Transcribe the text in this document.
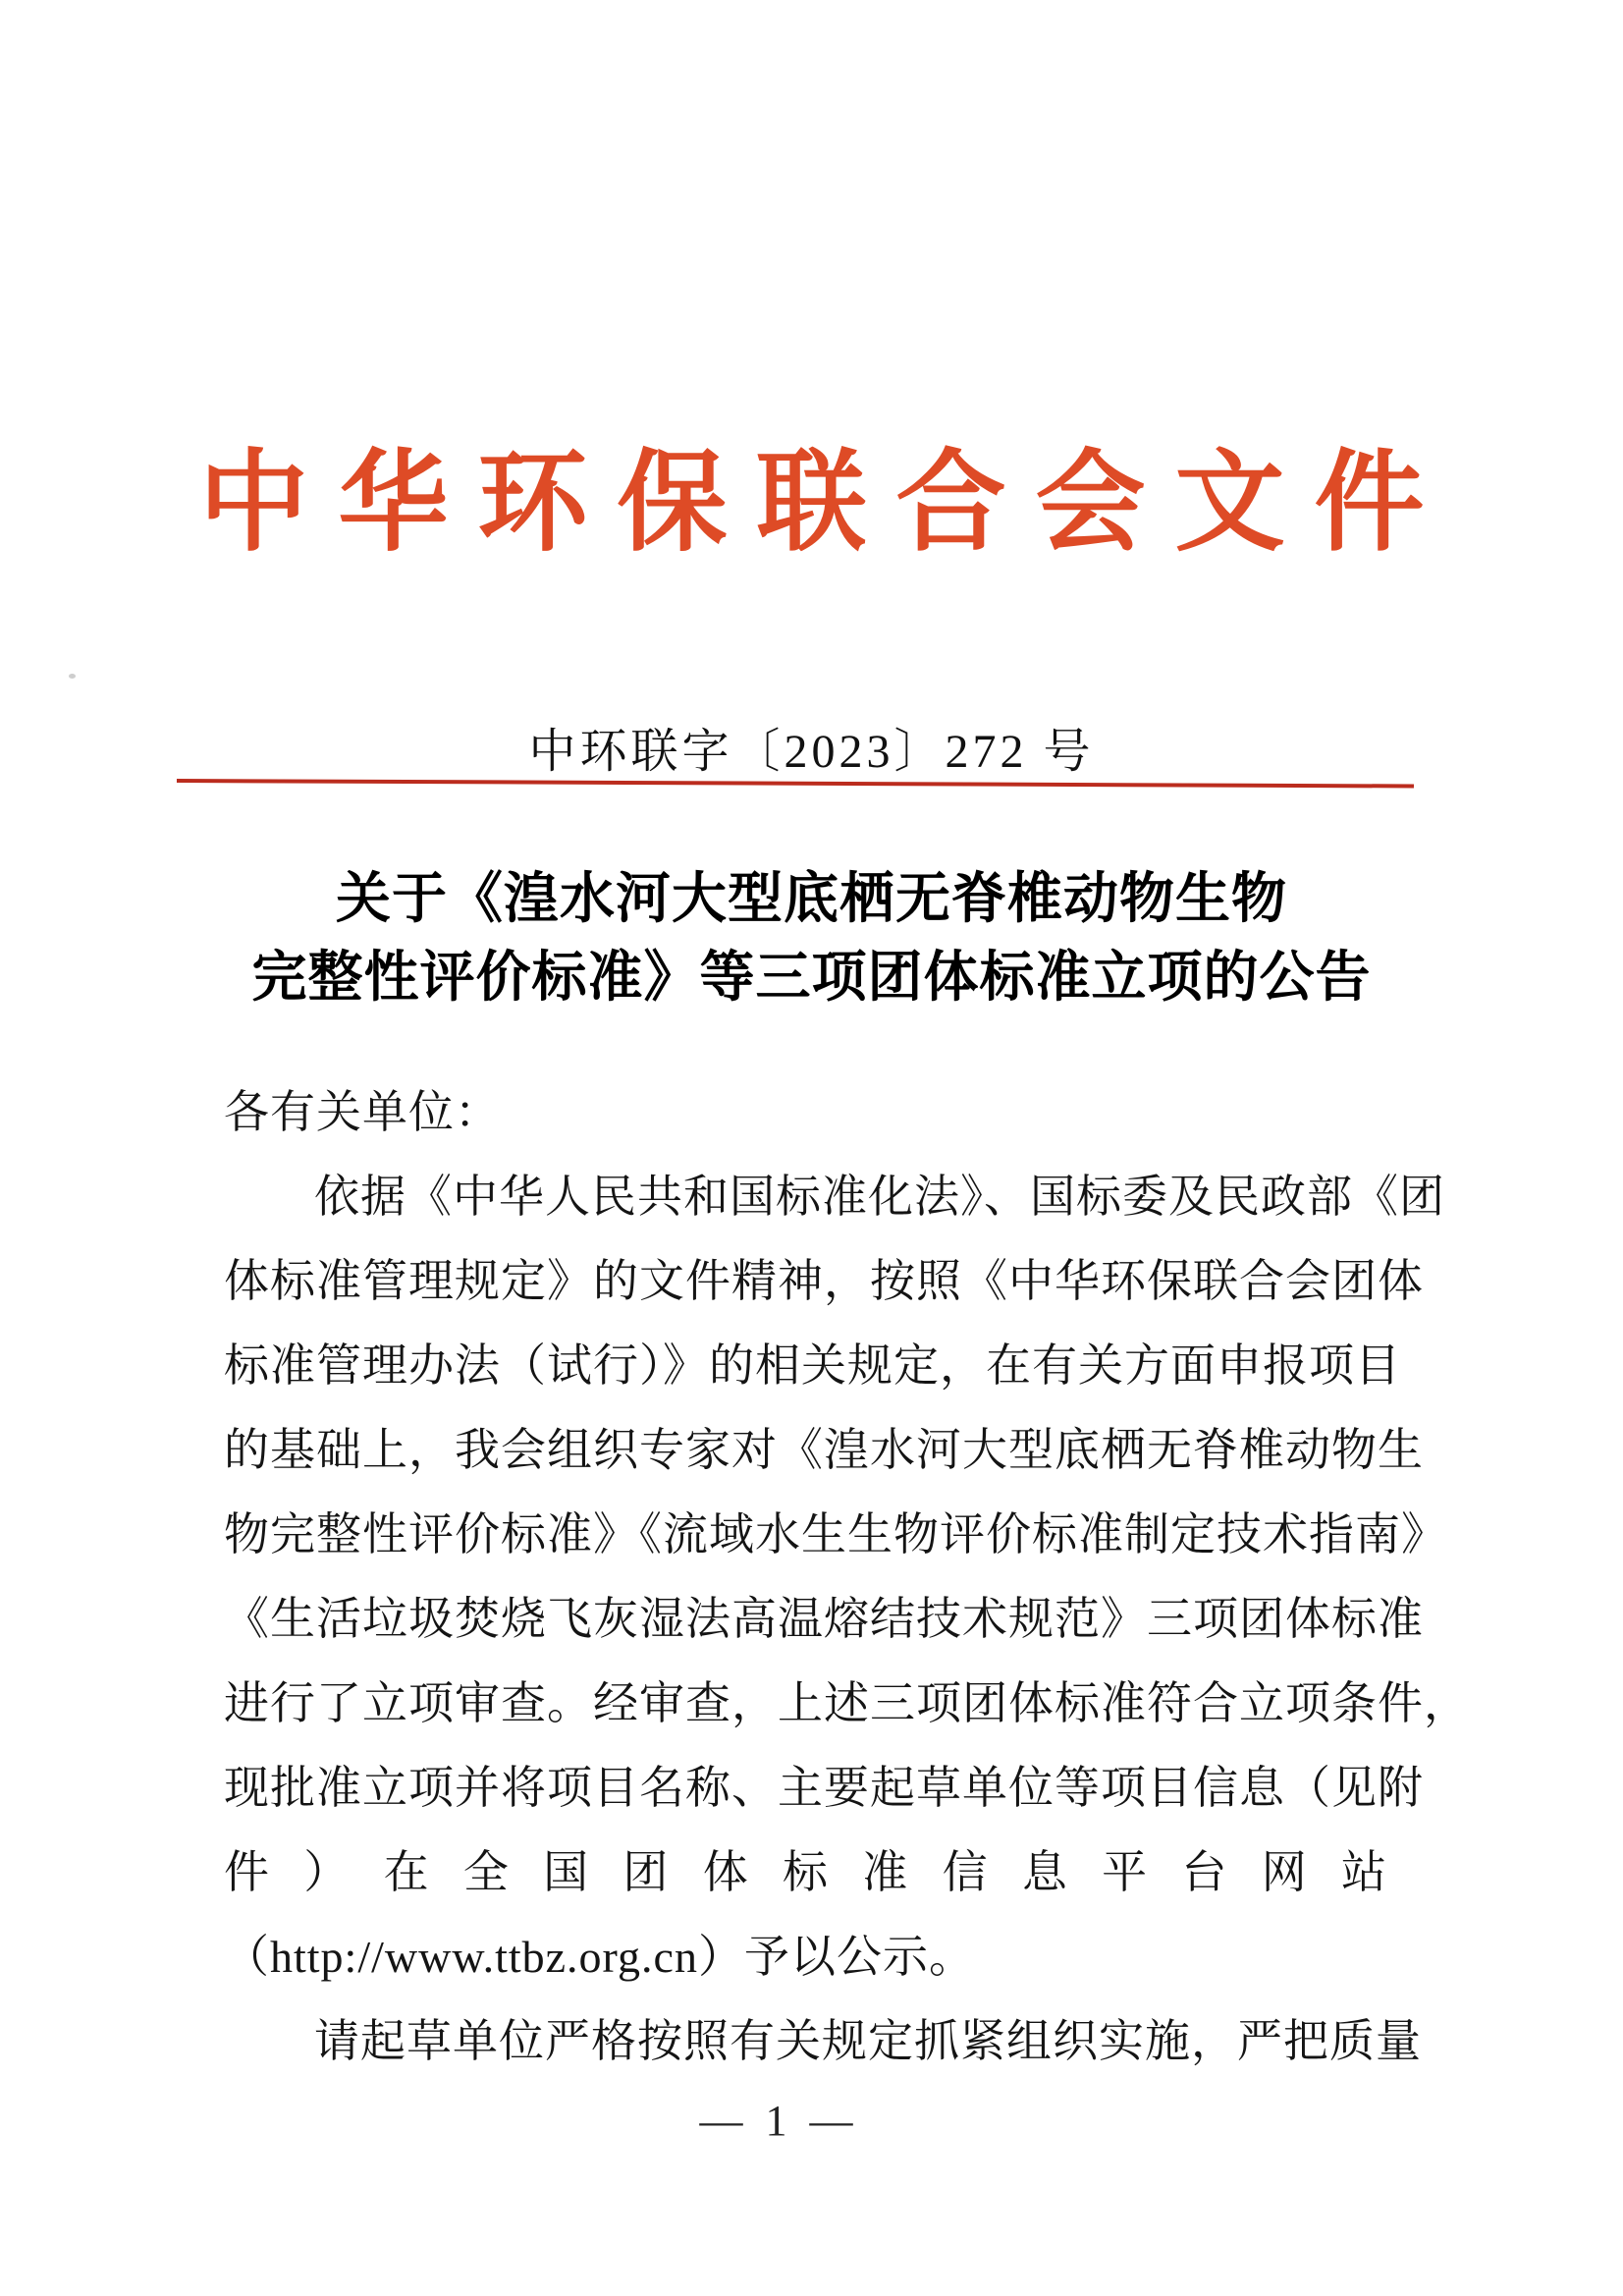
中华环保联合会文件
中环联字〔2023〕272 号
关于《湟水河大型底栖无脊椎动物生物
完整性评价标准》等三项团体标准立项的公告
各有关单位：
依据《中华人民共和国标准化法》、国标委及民政部《团
体标准管理规定》的文件精神，按照《中华环保联合会团体
标准管理办法（试行）》的相关规定，在有关方面申报项目
的基础上，我会组织专家对《湟水河大型底栖无脊椎动物生
物完整性评价标准》《流域水生生物评价标准制定技术指南》
《生活垃圾焚烧飞灰湿法高温熔结技术规范》三项团体标准
进行了立项审查。经审查，上述三项团体标准符合立项条件，
现批准立项并将项目名称、主要起草单位等项目信息（见附
件）在全国团体标准信息平台网站
（http://www.ttbz.org.cn）予以公示。
请起草单位严格按照有关规定抓紧组织实施，严把质量
— 1 —
